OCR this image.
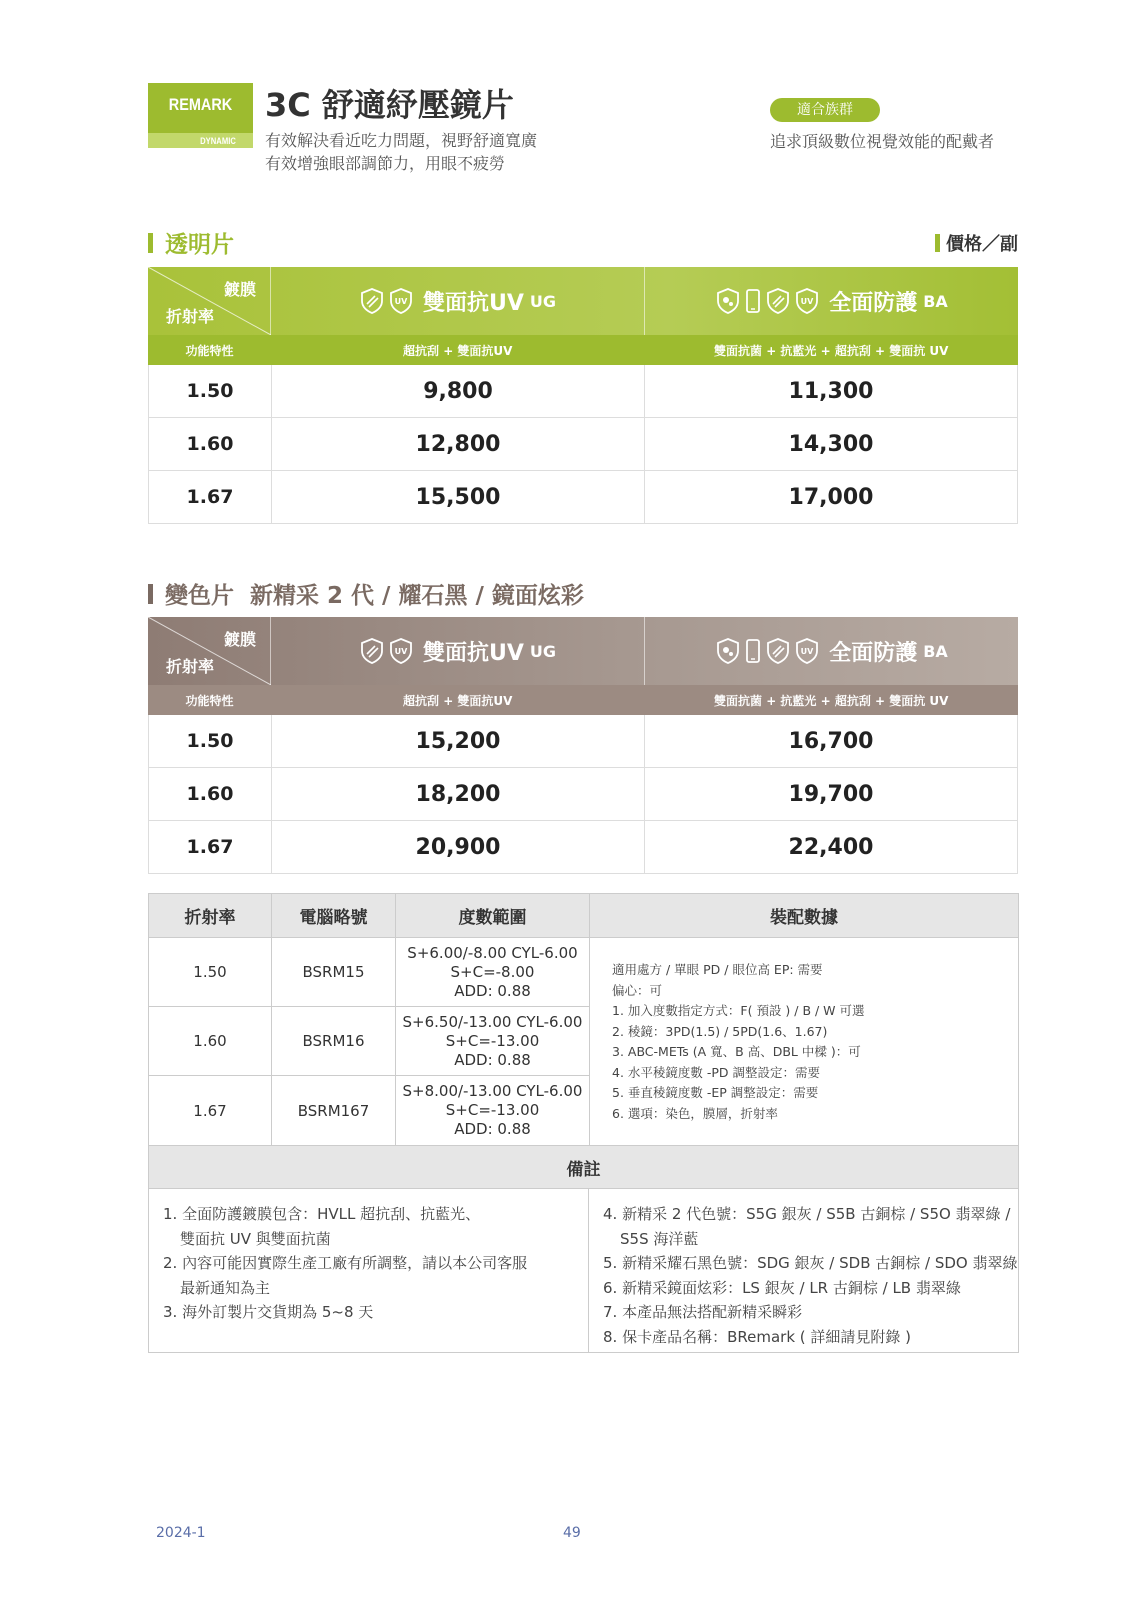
REMARK
DYNAMIC
3C 舒適紓壓鏡片
有效解決看近吃力問題，視野舒適寬廣
有效增強眼部調節力，用眼不疲勞
適合族群
追求頂級數位視覺效能的配戴者
透明片	價格／副
鍍膜
折射率
UV 雙面抗UV UG	UV 全面防護 BA
功能特性	超抗刮 + 雙面抗UV	雙面抗菌 + 抗藍光 + 超抗刮 + 雙面抗 UV
1.50	9,800	11,300
1.60	12,800	14,300
1.67	15,500	17,000
變色片  新精采 2 代 / 耀石黑 / 鏡面炫彩
鍍膜
折射率
UV 雙面抗UV UG	UV 全面防護 BA
功能特性	超抗刮 + 雙面抗UV	雙面抗菌 + 抗藍光 + 超抗刮 + 雙面抗 UV
1.50	15,200	16,700
1.60	18,200	19,700
1.67	20,900	22,400
折射率	電腦略號	度數範圍	裝配數據
1.50	BSRM15
S+6.00/-8.00 CYL-6.00
S+C=-8.00
ADD: 0.88
1.60	BSRM16
S+6.50/-13.00 CYL-6.00
S+C=-13.00
ADD: 0.88
1.67	BSRM167
S+8.00/-13.00 CYL-6.00
S+C=-13.00
ADD: 0.88
適用處方 / 單眼 PD / 眼位高 EP: 需要
偏心：可
1. 加入度數指定方式：F( 預設 ) / B / W 可選
2. 稜鏡：3PD(1.5) / 5PD(1.6、1.67)
3. ABC-METs (A 寬、B 高、DBL 中樑 )：可
4. 水平稜鏡度數 -PD 調整設定：需要
5. 垂直稜鏡度數 -EP 調整設定：需要
6. 選項：染色，膜層，折射率
備註
1. 全面防護鍍膜包含：HVLL 超抗刮、抗藍光、
雙面抗 UV 與雙面抗菌
2. 內容可能因實際生產工廠有所調整，請以本公司客服
最新通知為主
3. 海外訂製片交貨期為 5~8 天
4. 新精采 2 代色號：S5G 銀灰 / S5B 古銅棕 / S5O 翡翠綠 /
S5S 海洋藍
5. 新精采耀石黑色號：SDG 銀灰 / SDB 古銅棕 / SDO 翡翠綠
6. 新精采鏡面炫彩：LS 銀灰 / LR 古銅棕 / LB 翡翠綠
7. 本產品無法搭配新精采瞬彩
8. 保卡產品名稱：BRemark ( 詳細請見附錄 )
2024-1	49
